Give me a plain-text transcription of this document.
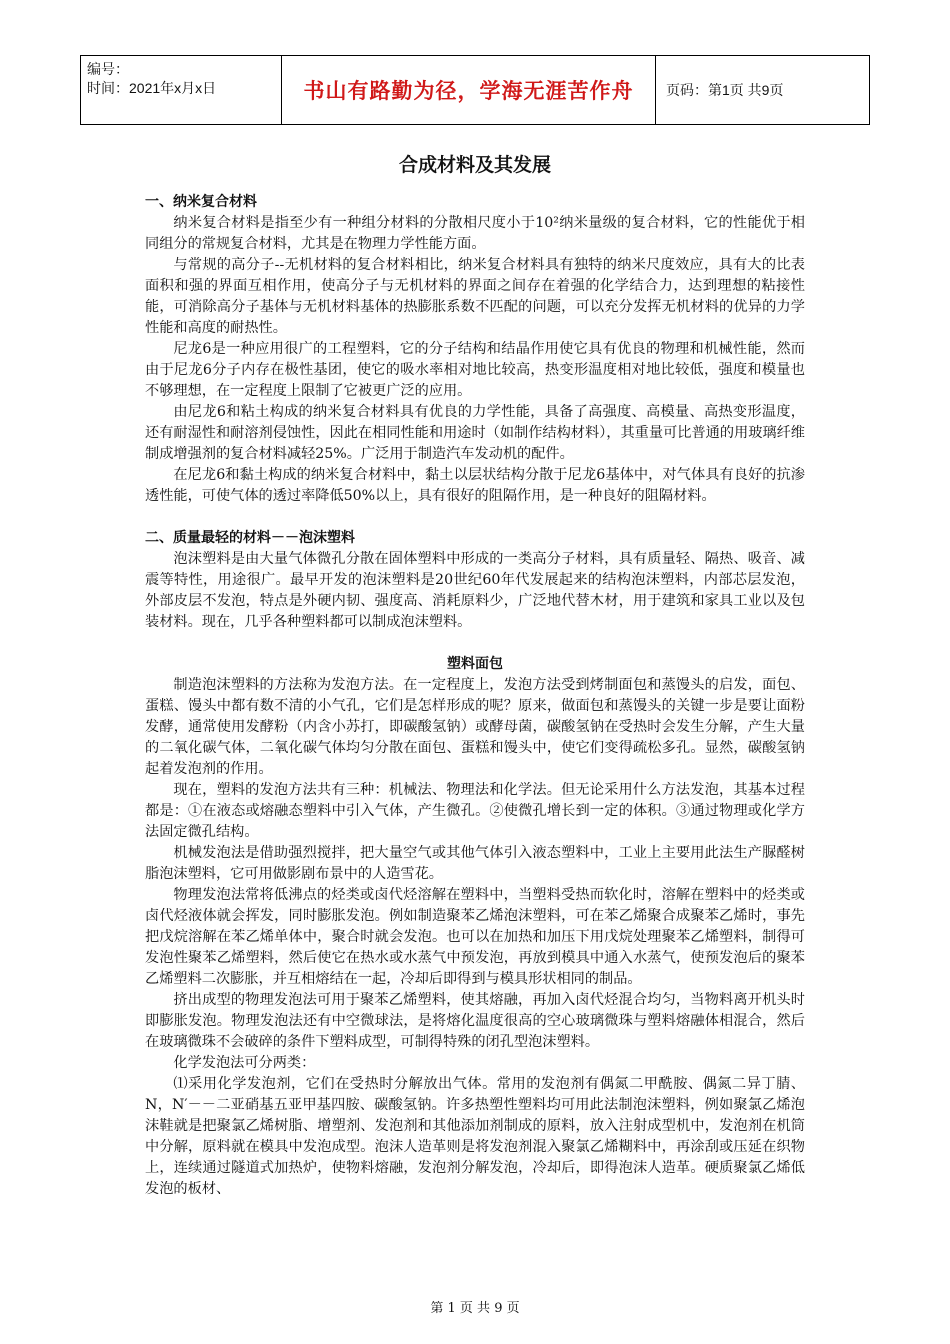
编号：
时间：2021年x月x日	书山有路勤为径，学海无涯苦作舟	页码：第1页 共9页
合成材料及其发展
一、纳米复合材料

纳米复合材料是指至少有一种组分材料的分散相尺度小于10²纳米量级的复合材料，它的性能优于相同组分的常规复合材料，尤其是在物理力学性能方面。

与常规的高分子--无机材料的复合材料相比，纳米复合材料具有独特的纳米尺度效应，具有大的比表面积和强的界面互相作用，使高分子与无机材料的界面之间存在着强的化学结合力，达到理想的粘接性能，可消除高分子基体与无机材料基体的热膨胀系数不匹配的问题，可以充分发挥无机材料的优异的力学性能和高度的耐热性。

尼龙6是一种应用很广的工程塑料，它的分子结构和结晶作用使它具有优良的物理和机械性能，然而由于尼龙6分子内存在极性基团，使它的吸水率相对地比较高，热变形温度相对地比较低，强度和模量也不够理想，在一定程度上限制了它被更广泛的应用。

由尼龙6和粘土构成的纳米复合材料具有优良的力学性能，具备了高强度、高模量、高热变形温度，还有耐湿性和耐溶剂侵蚀性，因此在相同性能和用途时（如制作结构材料），其重量可比普通的用玻璃纤维制成增强剂的复合材料减轻25%。广泛用于制造汽车发动机的配件。

在尼龙6和黏土构成的纳米复合材料中，黏土以层状结构分散于尼龙6基体中，对气体具有良好的抗渗透性能，可使气体的透过率降低50%以上，具有很好的阻隔作用，是一种良好的阻隔材料。

二、质量最轻的材料－－泡沫塑料

泡沫塑料是由大量气体微孔分散在固体塑料中形成的一类高分子材料，具有质量轻、隔热、吸音、减震等特性，用途很广。最早开发的泡沫塑料是20世纪60年代发展起来的结构泡沫塑料，内部芯层发泡，外部皮层不发泡，特点是外硬内韧、强度高、消耗原料少，广泛地代替木材，用于建筑和家具工业以及包装材料。现在，几乎各种塑料都可以制成泡沫塑料。

塑料面包

制造泡沫塑料的方法称为发泡方法。在一定程度上，发泡方法受到烤制面包和蒸馒头的启发，面包、蛋糕、馒头中都有数不清的小气孔，它们是怎样形成的呢？原来，做面包和蒸馒头的关键一步是要让面粉发酵，通常使用发酵粉（内含小苏打，即碳酸氢钠）或酵母菌，碳酸氢钠在受热时会发生分解，产生大量的二氧化碳气体，二氧化碳气体均匀分散在面包、蛋糕和馒头中，使它们变得疏松多孔。显然，碳酸氢钠起着发泡剂的作用。

现在，塑料的发泡方法共有三种：机械法、物理法和化学法。但无论采用什么方法发泡，其基本过程都是：①在液态或熔融态塑料中引入气体，产生微孔。②使微孔增长到一定的体积。③通过物理或化学方法固定微孔结构。

机械发泡法是借助强烈搅拌，把大量空气或其他气体引入液态塑料中，工业上主要用此法生产脲醛树脂泡沫塑料，它可用做影剧布景中的人造雪花。

物理发泡法常将低沸点的烃类或卤代烃溶解在塑料中，当塑料受热而软化时，溶解在塑料中的烃类或卤代烃液体就会挥发，同时膨胀发泡。例如制造聚苯乙烯泡沫塑料，可在苯乙烯聚合成聚苯乙烯时，事先把戊烷溶解在苯乙烯单体中，聚合时就会发泡。也可以在加热和加压下用戊烷处理聚苯乙烯塑料，制得可发泡性聚苯乙烯塑料，然后使它在热水或水蒸气中预发泡，再放到模具中通入水蒸气，使预发泡后的聚苯乙烯塑料二次膨胀，并互相熔结在一起，冷却后即得到与模具形状相同的制品。

挤出成型的物理发泡法可用于聚苯乙烯塑料，使其熔融，再加入卤代烃混合均匀，当物料离开机头时即膨胀发泡。物理发泡法还有中空微球法，是将熔化温度很高的空心玻璃微珠与塑料熔融体相混合，然后在玻璃微珠不会破碎的条件下塑料成型，可制得特殊的闭孔型泡沫塑料。

化学发泡法可分两类：

⑴采用化学发泡剂，它们在受热时分解放出气体。常用的发泡剂有偶氮二甲酰胺、偶氮二异丁腈、N，N′－－二亚硝基五亚甲基四胺、碳酸氢钠。许多热塑性塑料均可用此法制泡沫塑料，例如聚氯乙烯泡沫鞋就是把聚氯乙烯树脂、增塑剂、发泡剂和其他添加剂制成的原料，放入注射成型机中，发泡剂在机筒中分解，原料就在模具中发泡成型。泡沫人造革则是将发泡剂混入聚氯乙烯糊料中，再涂刮或压延在织物上，连续通过隧道式加热炉，使物料熔融，发泡剂分解发泡，冷却后，即得泡沫人造革。硬质聚氯乙烯低发泡的板材、

第 1 页 共 9 页
